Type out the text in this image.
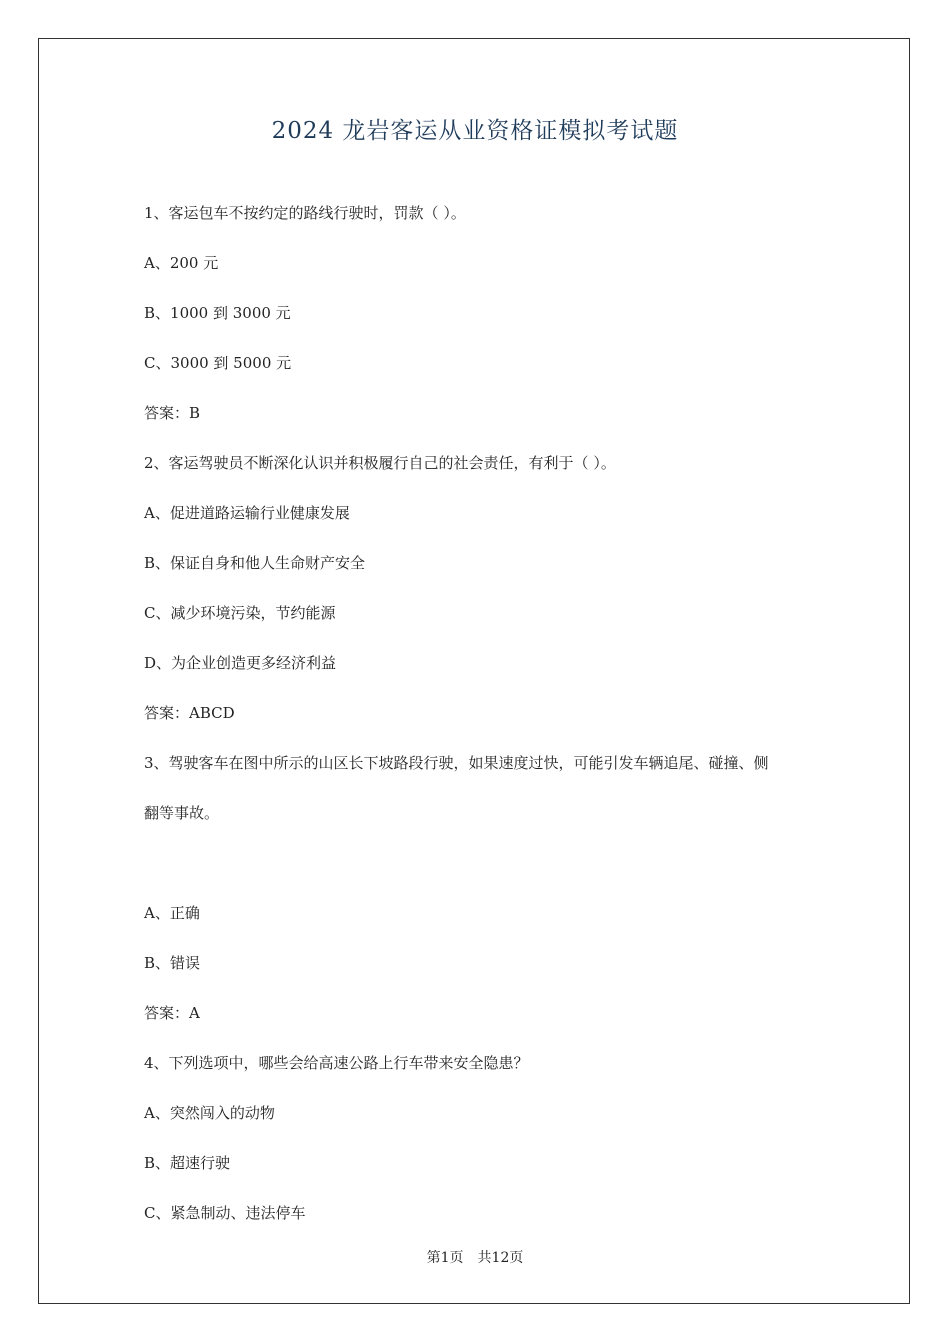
2024 龙岩客运从业资格证模拟考试题
1、客运包车不按约定的路线行驶时，罚款（ ）。
A、200 元
B、1000 到 3000 元
C、3000 到 5000 元
答案：B
2、客运驾驶员不断深化认识并积极履行自己的社会责任，有利于（ ）。
A、促进道路运输行业健康发展
B、保证自身和他人生命财产安全
C、减少环境污染，节约能源
D、为企业创造更多经济利益
答案：ABCD
3、驾驶客车在图中所示的山区长下坡路段行驶，如果速度过快，可能引发车辆追尾、碰撞、侧
翻等事故。
A、正确
B、错误
答案：A
4、下列选项中，哪些会给高速公路上行车带来安全隐患？
A、突然闯入的动物
B、超速行驶
C、紧急制动、违法停车
第1页　共12页
